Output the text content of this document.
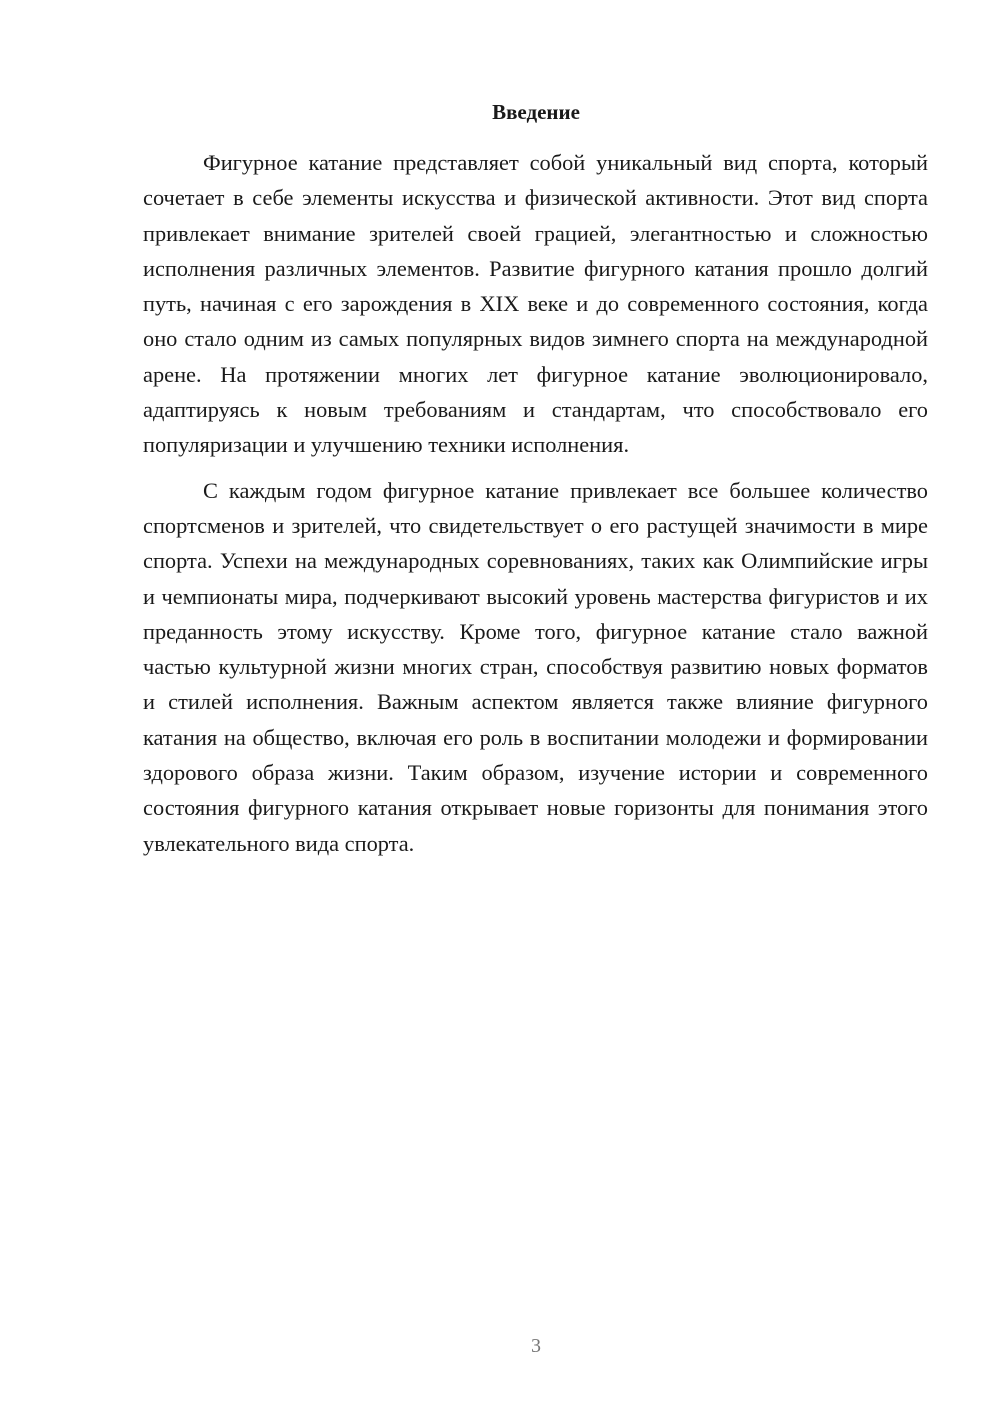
Введение

Фигурное катание представляет собой уникальный вид спорта, который сочетает в себе элементы искусства и физической активности. Этот вид спорта привлекает внимание зрителей своей грацией, элегантностью и сложностью исполнения различных элементов. Развитие фигурного катания прошло долгий путь, начиная с его зарождения в XIX веке и до современного состояния, когда оно стало одним из самых популярных видов зимнего спорта на международной арене. На протяжении многих лет фигурное катание эволюционировало, адаптируясь к новым требованиям и стандартам, что способствовало его популяризации и улучшению техники исполнения.

С каждым годом фигурное катание привлекает все большее количество спортсменов и зрителей, что свидетельствует о его растущей значимости в мире спорта. Успехи на международных соревнованиях, таких как Олимпийские игры и чемпионаты мира, подчеркивают высокий уровень мастерства фигуристов и их преданность этому искусству. Кроме того, фигурное катание стало важной частью культурной жизни многих стран, способствуя развитию новых форматов и стилей исполнения. Важным аспектом является также влияние фигурного катания на общество, включая его роль в воспитании молодежи и формировании здорового образа жизни. Таким образом, изучение истории и современного состояния фигурного катания открывает новые горизонты для понимания этого увлекательного вида спорта.

3
